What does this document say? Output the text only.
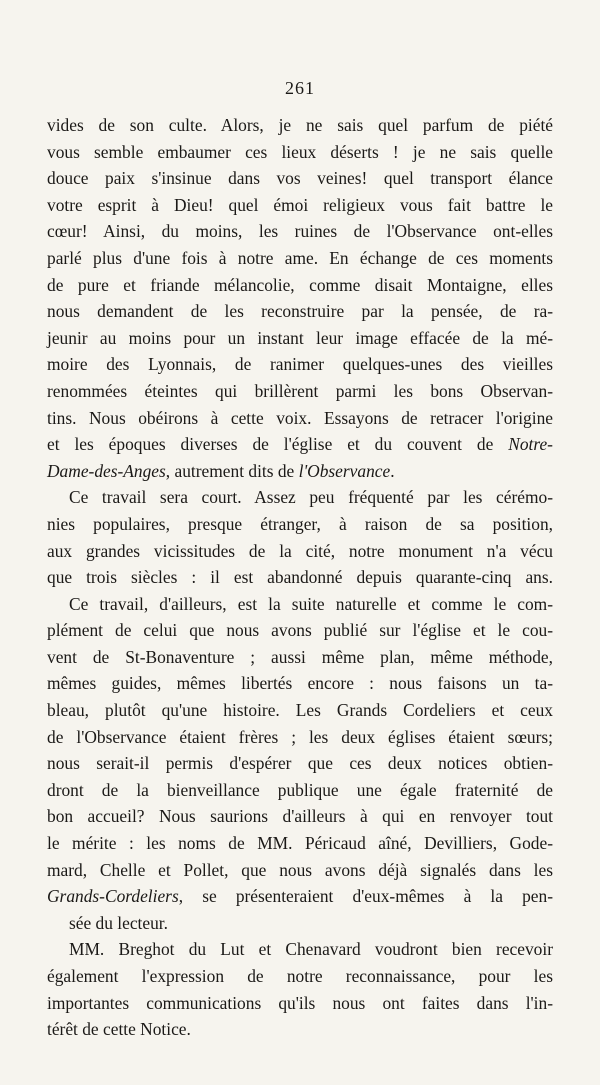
261

vides de son culte. Alors, je ne sais quel parfum de piété
vous semble embaumer ces lieux déserts ! je ne sais quelle
douce paix s'insinue dans vos veines! quel transport élance
votre esprit à Dieu! quel émoi religieux vous fait battre le
cœur! Ainsi, du moins, les ruines de l'Observance ont-elles
parlé plus d'une fois à notre ame. En échange de ces moments
de pure et friande mélancolie, comme disait Montaigne, elles
nous demandent de les reconstruire par la pensée, de ra-
jeunir au moins pour un instant leur image effacée de la mé-
moire des Lyonnais, de ranimer quelques-unes des vieilles
renommées éteintes qui brillèrent parmi les bons Observan-
tins. Nous obéirons à cette voix. Essayons de retracer l'origine
et les époques diverses de l'église et du couvent de Notre-
Dame-des-Anges, autrement dits de l'Observance.

Ce travail sera court. Assez peu fréquenté par les cérémo-
nies populaires, presque étranger, à raison de sa position,
aux grandes vicissitudes de la cité, notre monument n'a vécu
que trois siècles : il est abandonné depuis quarante-cinq ans.

Ce travail, d'ailleurs, est la suite naturelle et comme le com-
plément de celui que nous avons publié sur l'église et le cou-
vent de St-Bonaventure ; aussi même plan, même méthode,
mêmes guides, mêmes libertés encore : nous faisons un ta-
bleau, plutôt qu'une histoire. Les Grands Cordeliers et ceux
de l'Observance étaient frères ; les deux églises étaient sœurs;
nous serait-il permis d'espérer que ces deux notices obtien-
dront de la bienveillance publique une égale fraternité de
bon accueil? Nous saurions d'ailleurs à qui en renvoyer tout
le mérite : les noms de MM. Péricaud aîné, Devilliers, Gode-
mard, Chelle et Pollet, que nous avons déjà signalés dans les
Grands-Cordeliers, se présenteraient d'eux-mêmes à la pen-
sée du lecteur.

MM. Breghot du Lut et Chenavard voudront bien recevoir
également l'expression de notre reconnaissance, pour les
importantes communications qu'ils nous ont faites dans l'in-
térêt de cette Notice.
